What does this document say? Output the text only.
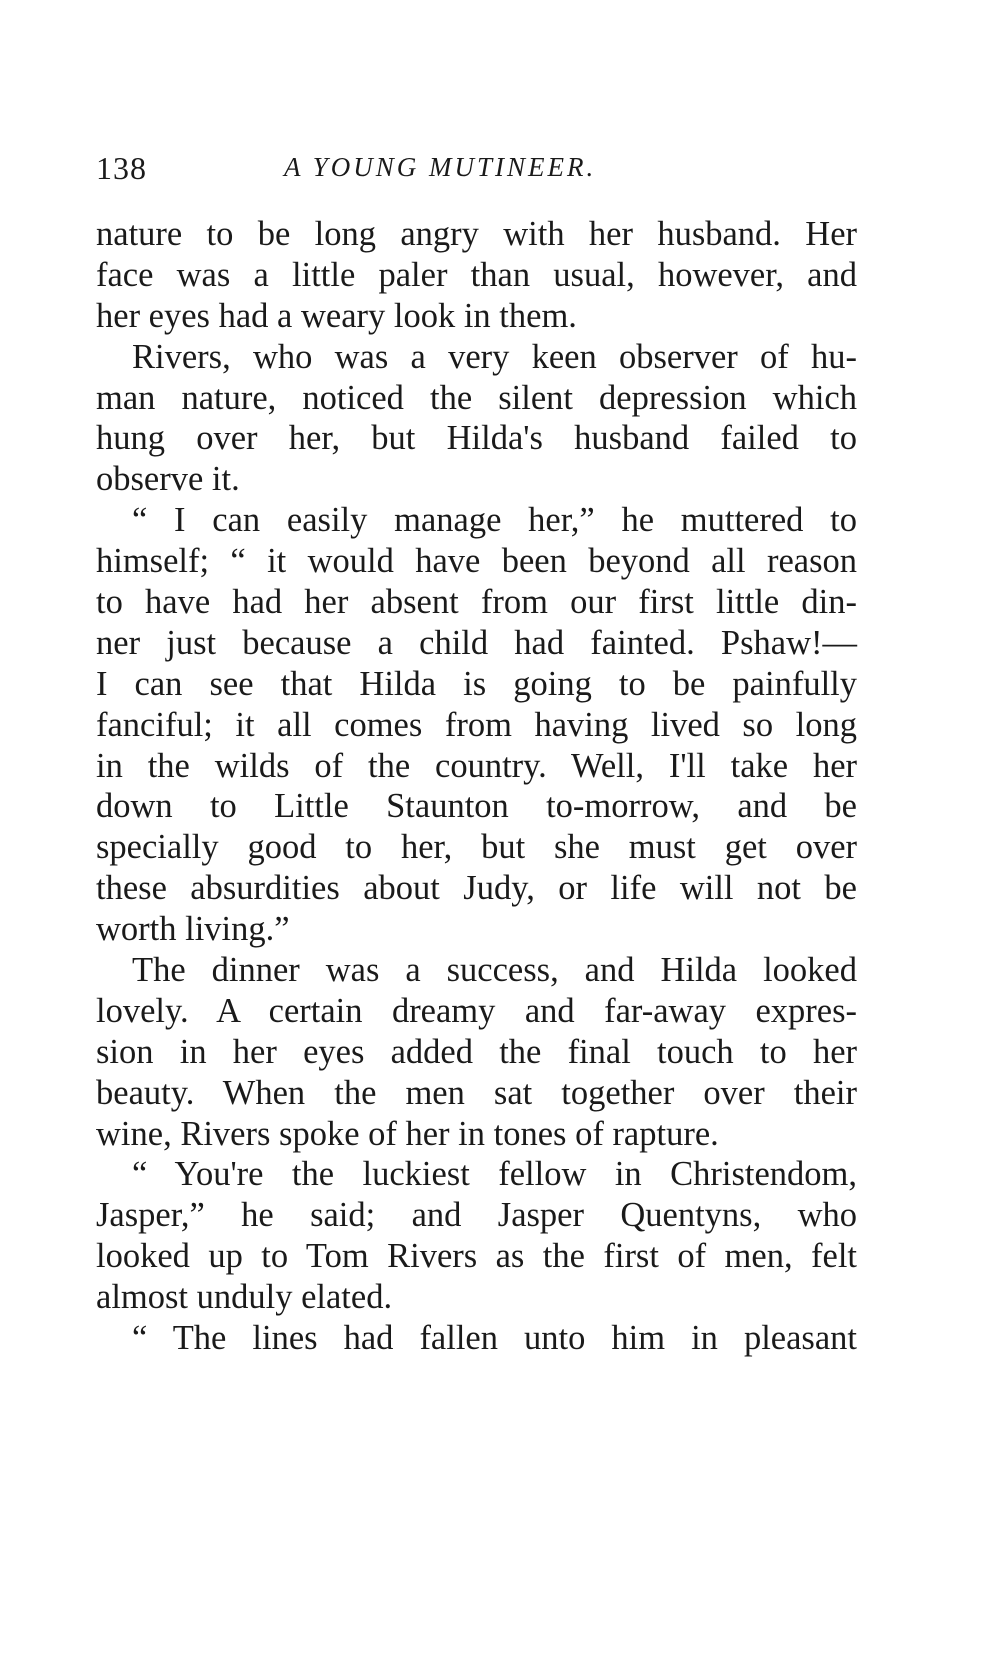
138	A YOUNG MUTINEER.
nature to be long angry with her husband. Her
face was a little paler than usual, however, and
her eyes had a weary look in them.
Rivers, who was a very keen observer of hu-
man nature, noticed the silent depression which
hung over her, but Hilda's husband failed to
observe it.
“ I can easily manage her,” he muttered to
himself; “ it would have been beyond all reason
to have had her absent from our first little din-
ner just because a child had fainted. Pshaw!—
I can see that Hilda is going to be painfully
fanciful; it all comes from having lived so long
in the wilds of the country. Well, I'll take her
down to Little Staunton to-morrow, and be
specially good to her, but she must get over
these absurdities about Judy, or life will not be
worth living.”
The dinner was a success, and Hilda looked
lovely. A certain dreamy and far-away expres-
sion in her eyes added the final touch to her
beauty. When the men sat together over their
wine, Rivers spoke of her in tones of rapture.
“ You're the luckiest fellow in Christendom,
Jasper,” he said; and Jasper Quentyns, who
looked up to Tom Rivers as the first of men, felt
almost unduly elated.
“ The lines had fallen unto him in pleasant
